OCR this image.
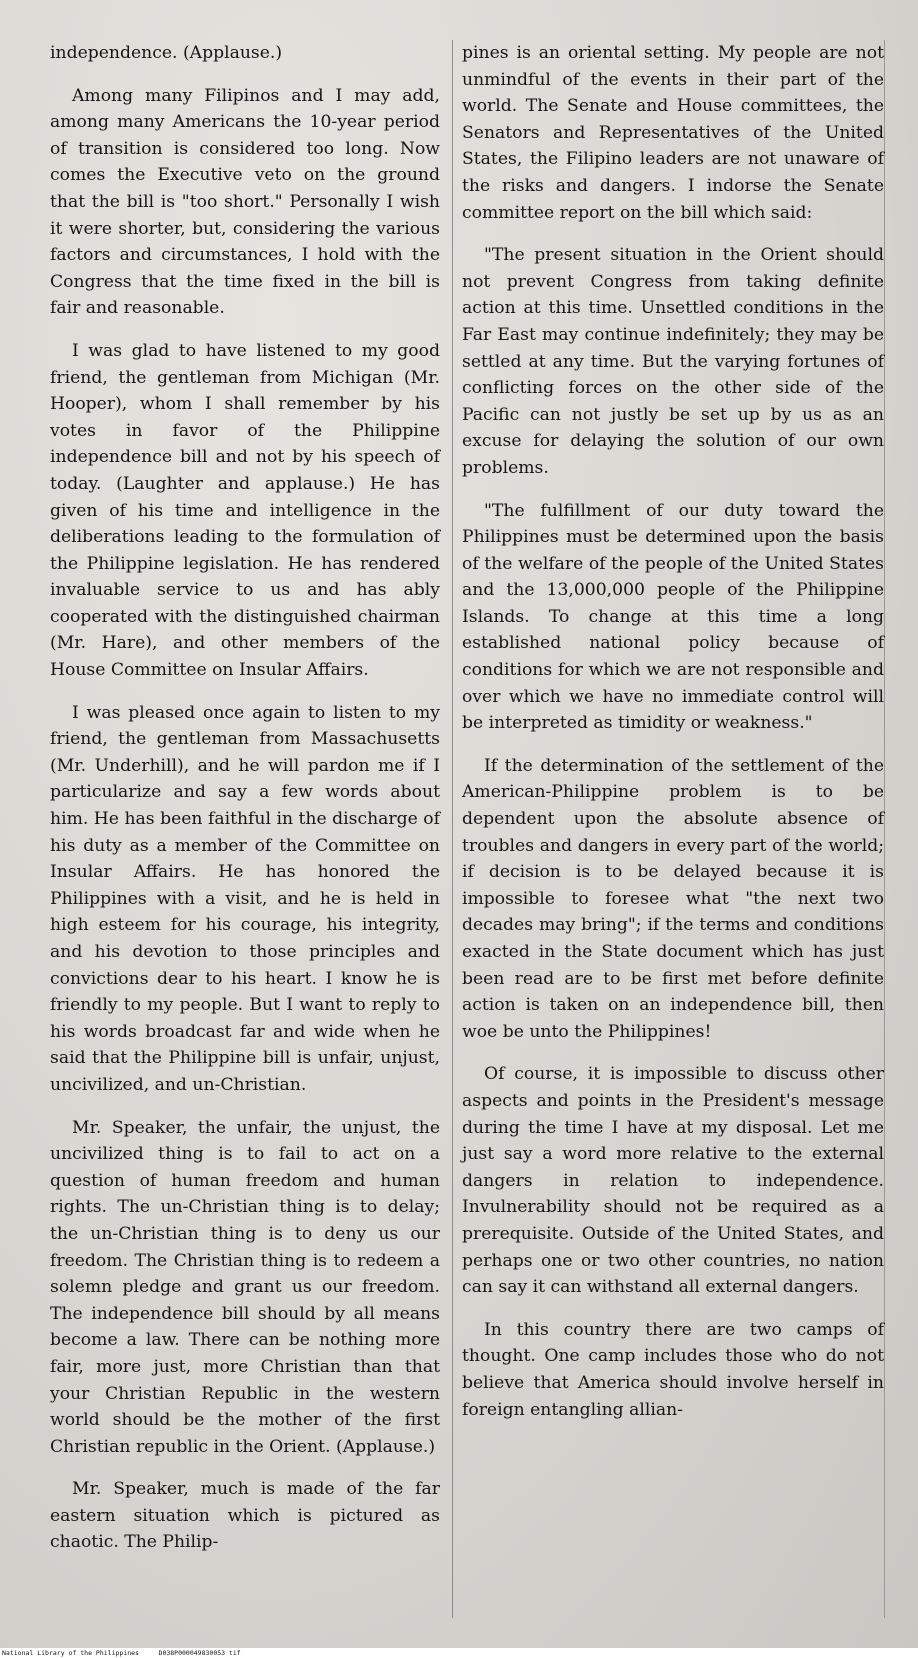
independence. (Applause.)

Among many Filipinos and I may add, among many Americans the 10-year period of transition is considered too long. Now comes the Executive veto on the ground that the bill is "too short." Personally I wish it were shorter, but, considering the various factors and circumstances, I hold with the Congress that the time fixed in the bill is fair and reasonable.

I was glad to have listened to my good friend, the gentleman from Michigan (Mr. Hooper), whom I shall remember by his votes in favor of the Philippine independence bill and not by his speech of today. (Laughter and applause.) He has given of his time and intelligence in the deliberations leading to the formulation of the Philippine legislation. He has rendered invaluable service to us and has ably cooperated with the distinguished chairman (Mr. Hare), and other members of the House Committee on Insular Affairs.

I was pleased once again to listen to my friend, the gentleman from Massachusetts (Mr. Underhill), and he will pardon me if I particularize and say a few words about him. He has been faithful in the discharge of his duty as a member of the Committee on Insular Affairs. He has honored the Philippines with a visit, and he is held in high esteem for his courage, his integrity, and his devotion to those principles and convictions dear to his heart. I know he is friendly to my people. But I want to reply to his words broadcast far and wide when he said that the Philippine bill is unfair, unjust, uncivilized, and un-Christian.

Mr. Speaker, the unfair, the unjust, the uncivilized thing is to fail to act on a question of human freedom and human rights. The un-Christian thing is to delay; the un-Christian thing is to deny us our freedom. The Christian thing is to redeem a solemn pledge and grant us our freedom. The independence bill should by all means become a law. There can be nothing more fair, more just, more Christian than that your Christian Republic in the western world should be the mother of the first Christian republic in the Orient. (Applause.)

Mr. Speaker, much is made of the far eastern situation which is pictured as chaotic. The Philip-

pines is an oriental setting. My people are not unmindful of the events in their part of the world. The Senate and House committees, the Senators and Representatives of the United States, the Filipino leaders are not unaware of the risks and dangers. I indorse the Senate committee report on the bill which said:

"The present situation in the Orient should not prevent Congress from taking definite action at this time. Unsettled conditions in the Far East may continue indefinitely; they may be settled at any time. But the varying fortunes of conflicting forces on the other side of the Pacific can not justly be set up by us as an excuse for delaying the solution of our own problems.

"The fulfillment of our duty toward the Philippines must be determined upon the basis of the welfare of the people of the United States and the 13,000,000 people of the Philippine Islands. To change at this time a long established national policy because of conditions for which we are not responsible and over which we have no immediate control will be interpreted as timidity or weakness."

If the determination of the settlement of the American-Philippine problem is to be dependent upon the absolute absence of troubles and dangers in every part of the world; if decision is to be delayed because it is impossible to foresee what "the next two decades may bring"; if the terms and conditions exacted in the State document which has just been read are to be first met before definite action is taken on an independence bill, then woe be unto the Philippines!

Of course, it is impossible to discuss other aspects and points in the President's message during the time I have at my disposal. Let me just say a word more relative to the external dangers in relation to independence. Invulnerability should not be required as a prerequisite. Outside of the United States, and perhaps one or two other countries, no nation can say it can withstand all external dangers.

In this country there are two camps of thought. One camp includes those who do not believe that America should involve herself in foreign entangling allian-

National Library of the Philippines     D038P000049830053 tif
